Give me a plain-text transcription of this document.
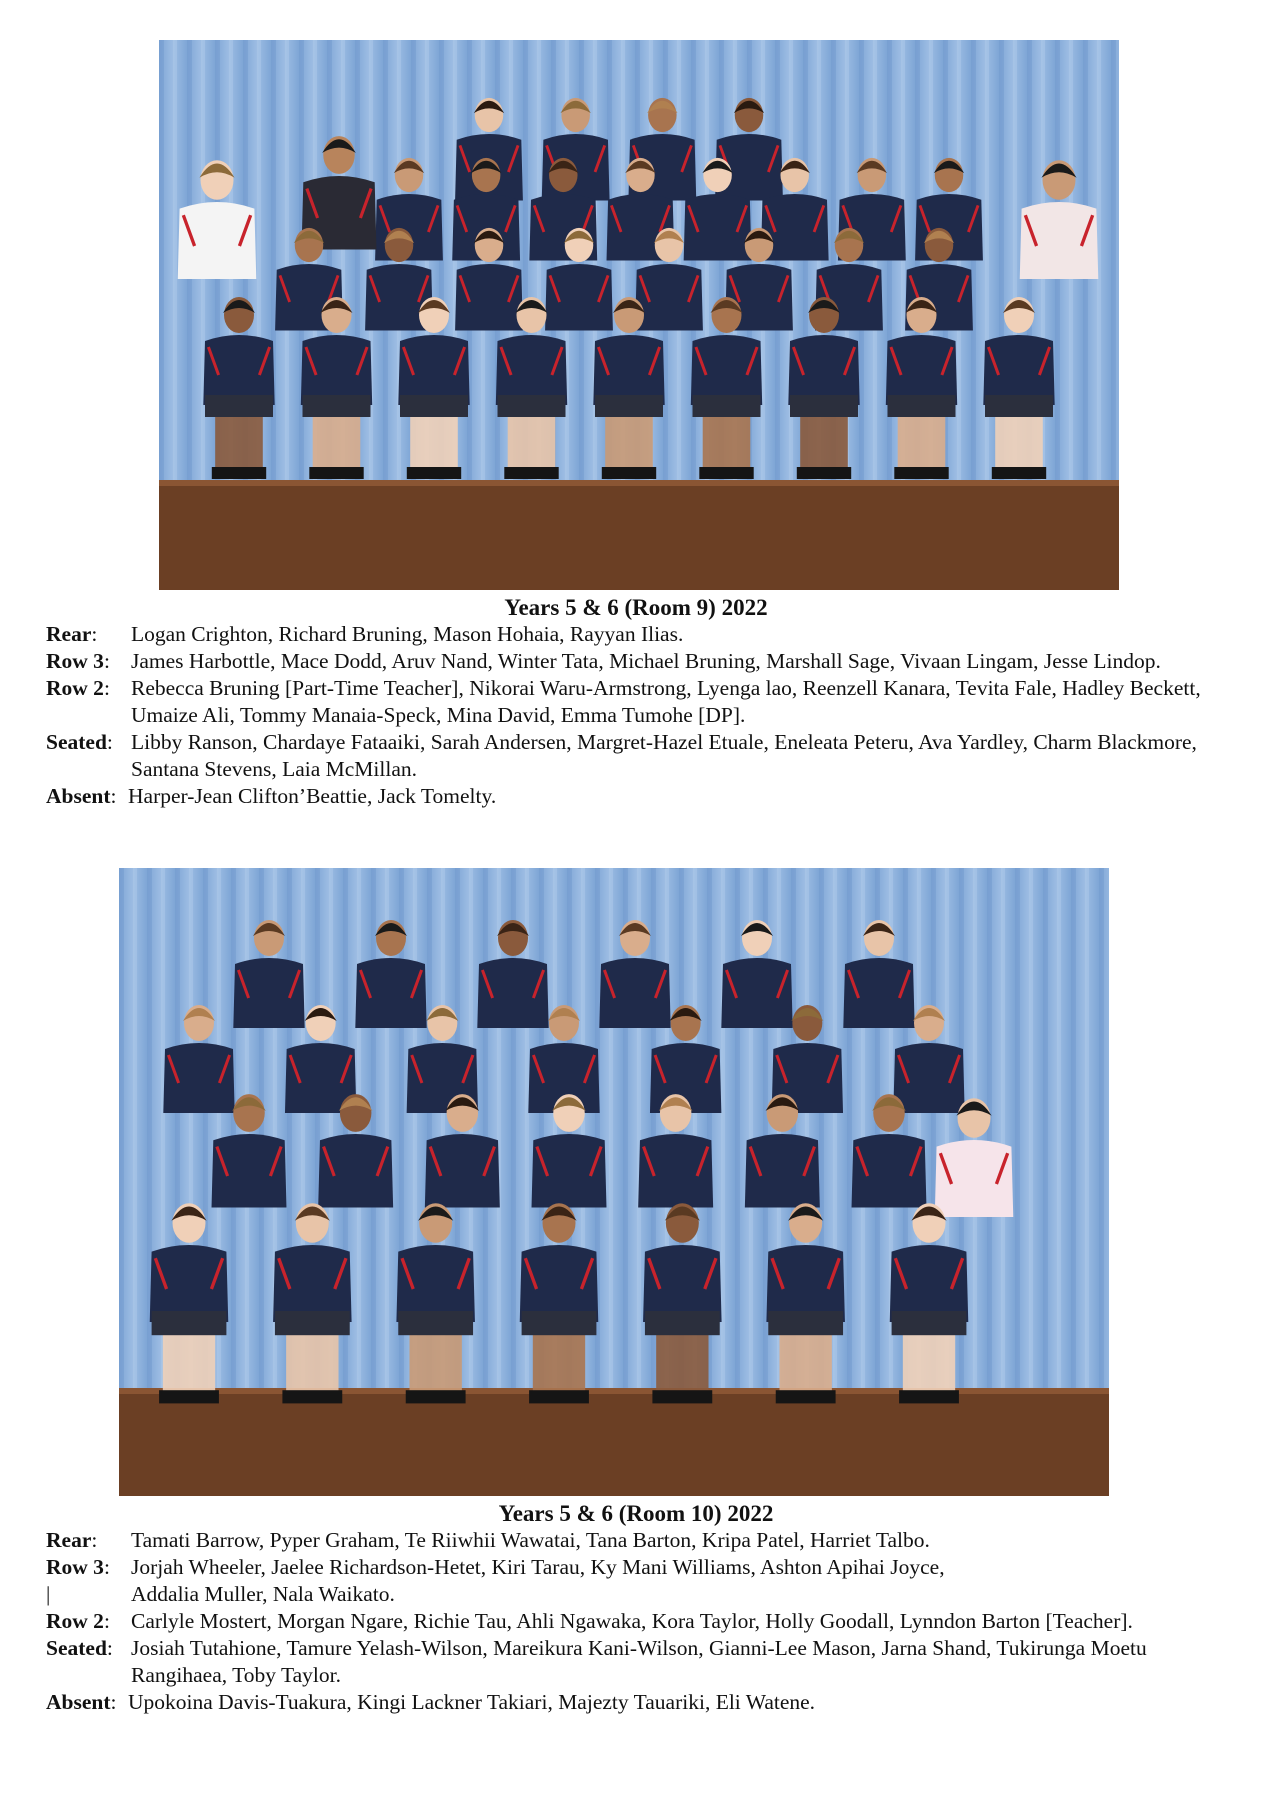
Years 5 & 6 (Room 9) 2022
Rear: Logan Crighton, Richard Bruning, Mason Hohaia, Rayyan Ilias.
Row 3: James Harbottle, Mace Dodd, Aruv Nand, Winter Tata, Michael Bruning, Marshall Sage, Vivaan Lingam, Jesse Lindop.
Row 2: Rebecca Bruning [Part-Time Teacher], Nikorai Waru-Armstrong, Lyenga lao, Reenzell Kanara, Tevita Fale, Hadley Beckett, Umaize Ali, Tommy Manaia-Speck, Mina David, Emma Tumohe [DP].
Seated: Libby Ranson, Chardaye Fataaiki, Sarah Andersen, Margret-Hazel Etuale, Eneleata Peteru, Ava Yardley, Charm Blackmore, Santana Stevens, Laia McMillan.
Absent: Harper-Jean Clifton’Beattie, Jack Tomelty.
Years 5 & 6 (Room 10) 2022
Rear: Tamati Barrow, Pyper Graham, Te Riiwhii Wawatai, Tana Barton, Kripa Patel, Harriet Talbo.
Row 3: Jorjah Wheeler, Jaelee Richardson-Hetet, Kiri Tarau, Ky Mani Williams, Ashton Apihai Joyce,
|	Addalia Muller, Nala Waikato.
Row 2: Carlyle Mostert, Morgan Ngare, Richie Tau, Ahli Ngawaka, Kora Taylor, Holly Goodall, Lynndon Barton [Teacher].
Seated: Josiah Tutahione, Tamure Yelash-Wilson, Mareikura Kani-Wilson, Gianni-Lee Mason, Jarna Shand, Tukirunga Moetu Rangihaea, Toby Taylor.
Absent: Upokoina Davis-Tuakura, Kingi Lackner Takiari, Majezty Tauariki, Eli Watene.
